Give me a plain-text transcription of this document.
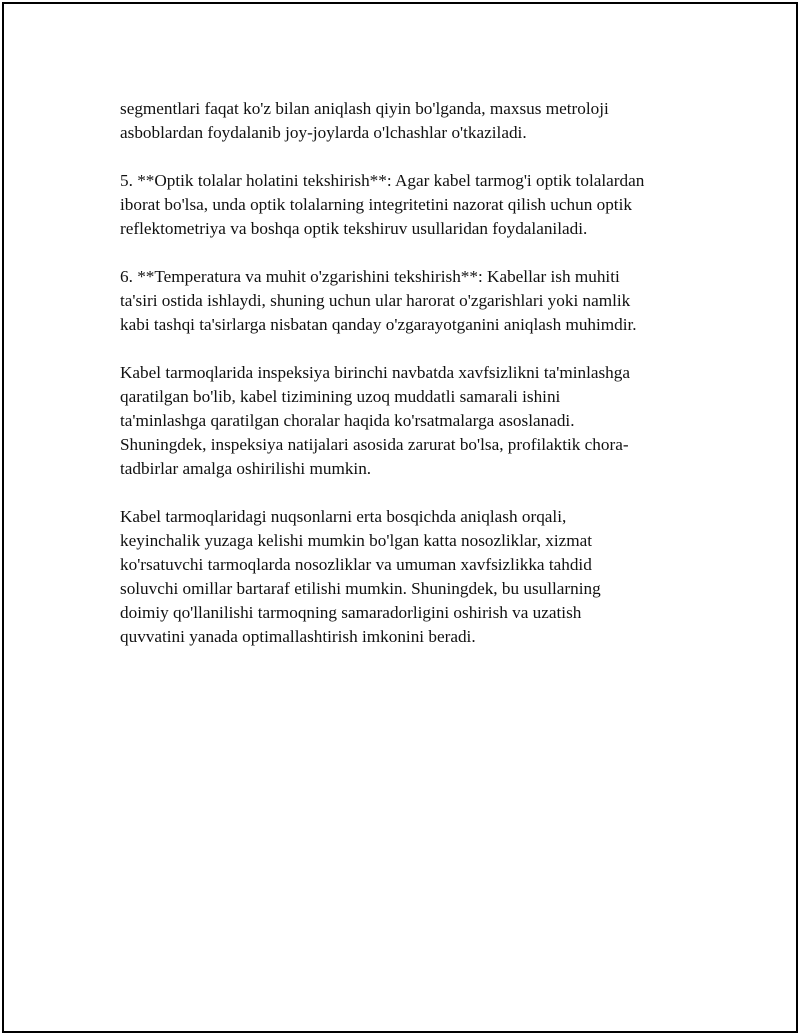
segmentlari faqat ko'z bilan aniqlash qiyin bo'lganda, maxsus metroloji
asboblardan foydalanib joy-joylarda o'lchashlar o'tkaziladi.

5. **Optik tolalar holatini tekshirish**: Agar kabel tarmog'i optik tolalardan
iborat bo'lsa, unda optik tolalarning integritetini nazorat qilish uchun optik
reflektometriya va boshqa optik tekshiruv usullaridan foydalaniladi.

6. **Temperatura va muhit o'zgarishini tekshirish**: Kabellar ish muhiti
ta'siri ostida ishlaydi, shuning uchun ular harorat o'zgarishlari yoki namlik
kabi tashqi ta'sirlarga nisbatan qanday o'zgarayotganini aniqlash muhimdir.

Kabel tarmoqlarida inspeksiya birinchi navbatda xavfsizlikni ta'minlashga
qaratilgan bo'lib, kabel tizimining uzoq muddatli samarali ishini
ta'minlashga qaratilgan choralar haqida ko'rsatmalarga asoslanadi.
Shuningdek, inspeksiya natijalari asosida zarurat bo'lsa, profilaktik chora-
tadbirlar amalga oshirilishi mumkin.

Kabel tarmoqlaridagi nuqsonlarni erta bosqichda aniqlash orqali,
keyinchalik yuzaga kelishi mumkin bo'lgan katta nosozliklar, xizmat
ko'rsatuvchi tarmoqlarda nosozliklar va umuman xavfsizlikka tahdid
soluvchi omillar bartaraf etilishi mumkin. Shuningdek, bu usullarning
doimiy qo'llanilishi tarmoqning samaradorligini oshirish va uzatish
quvvatini yanada optimallashtirish imkonini beradi.
